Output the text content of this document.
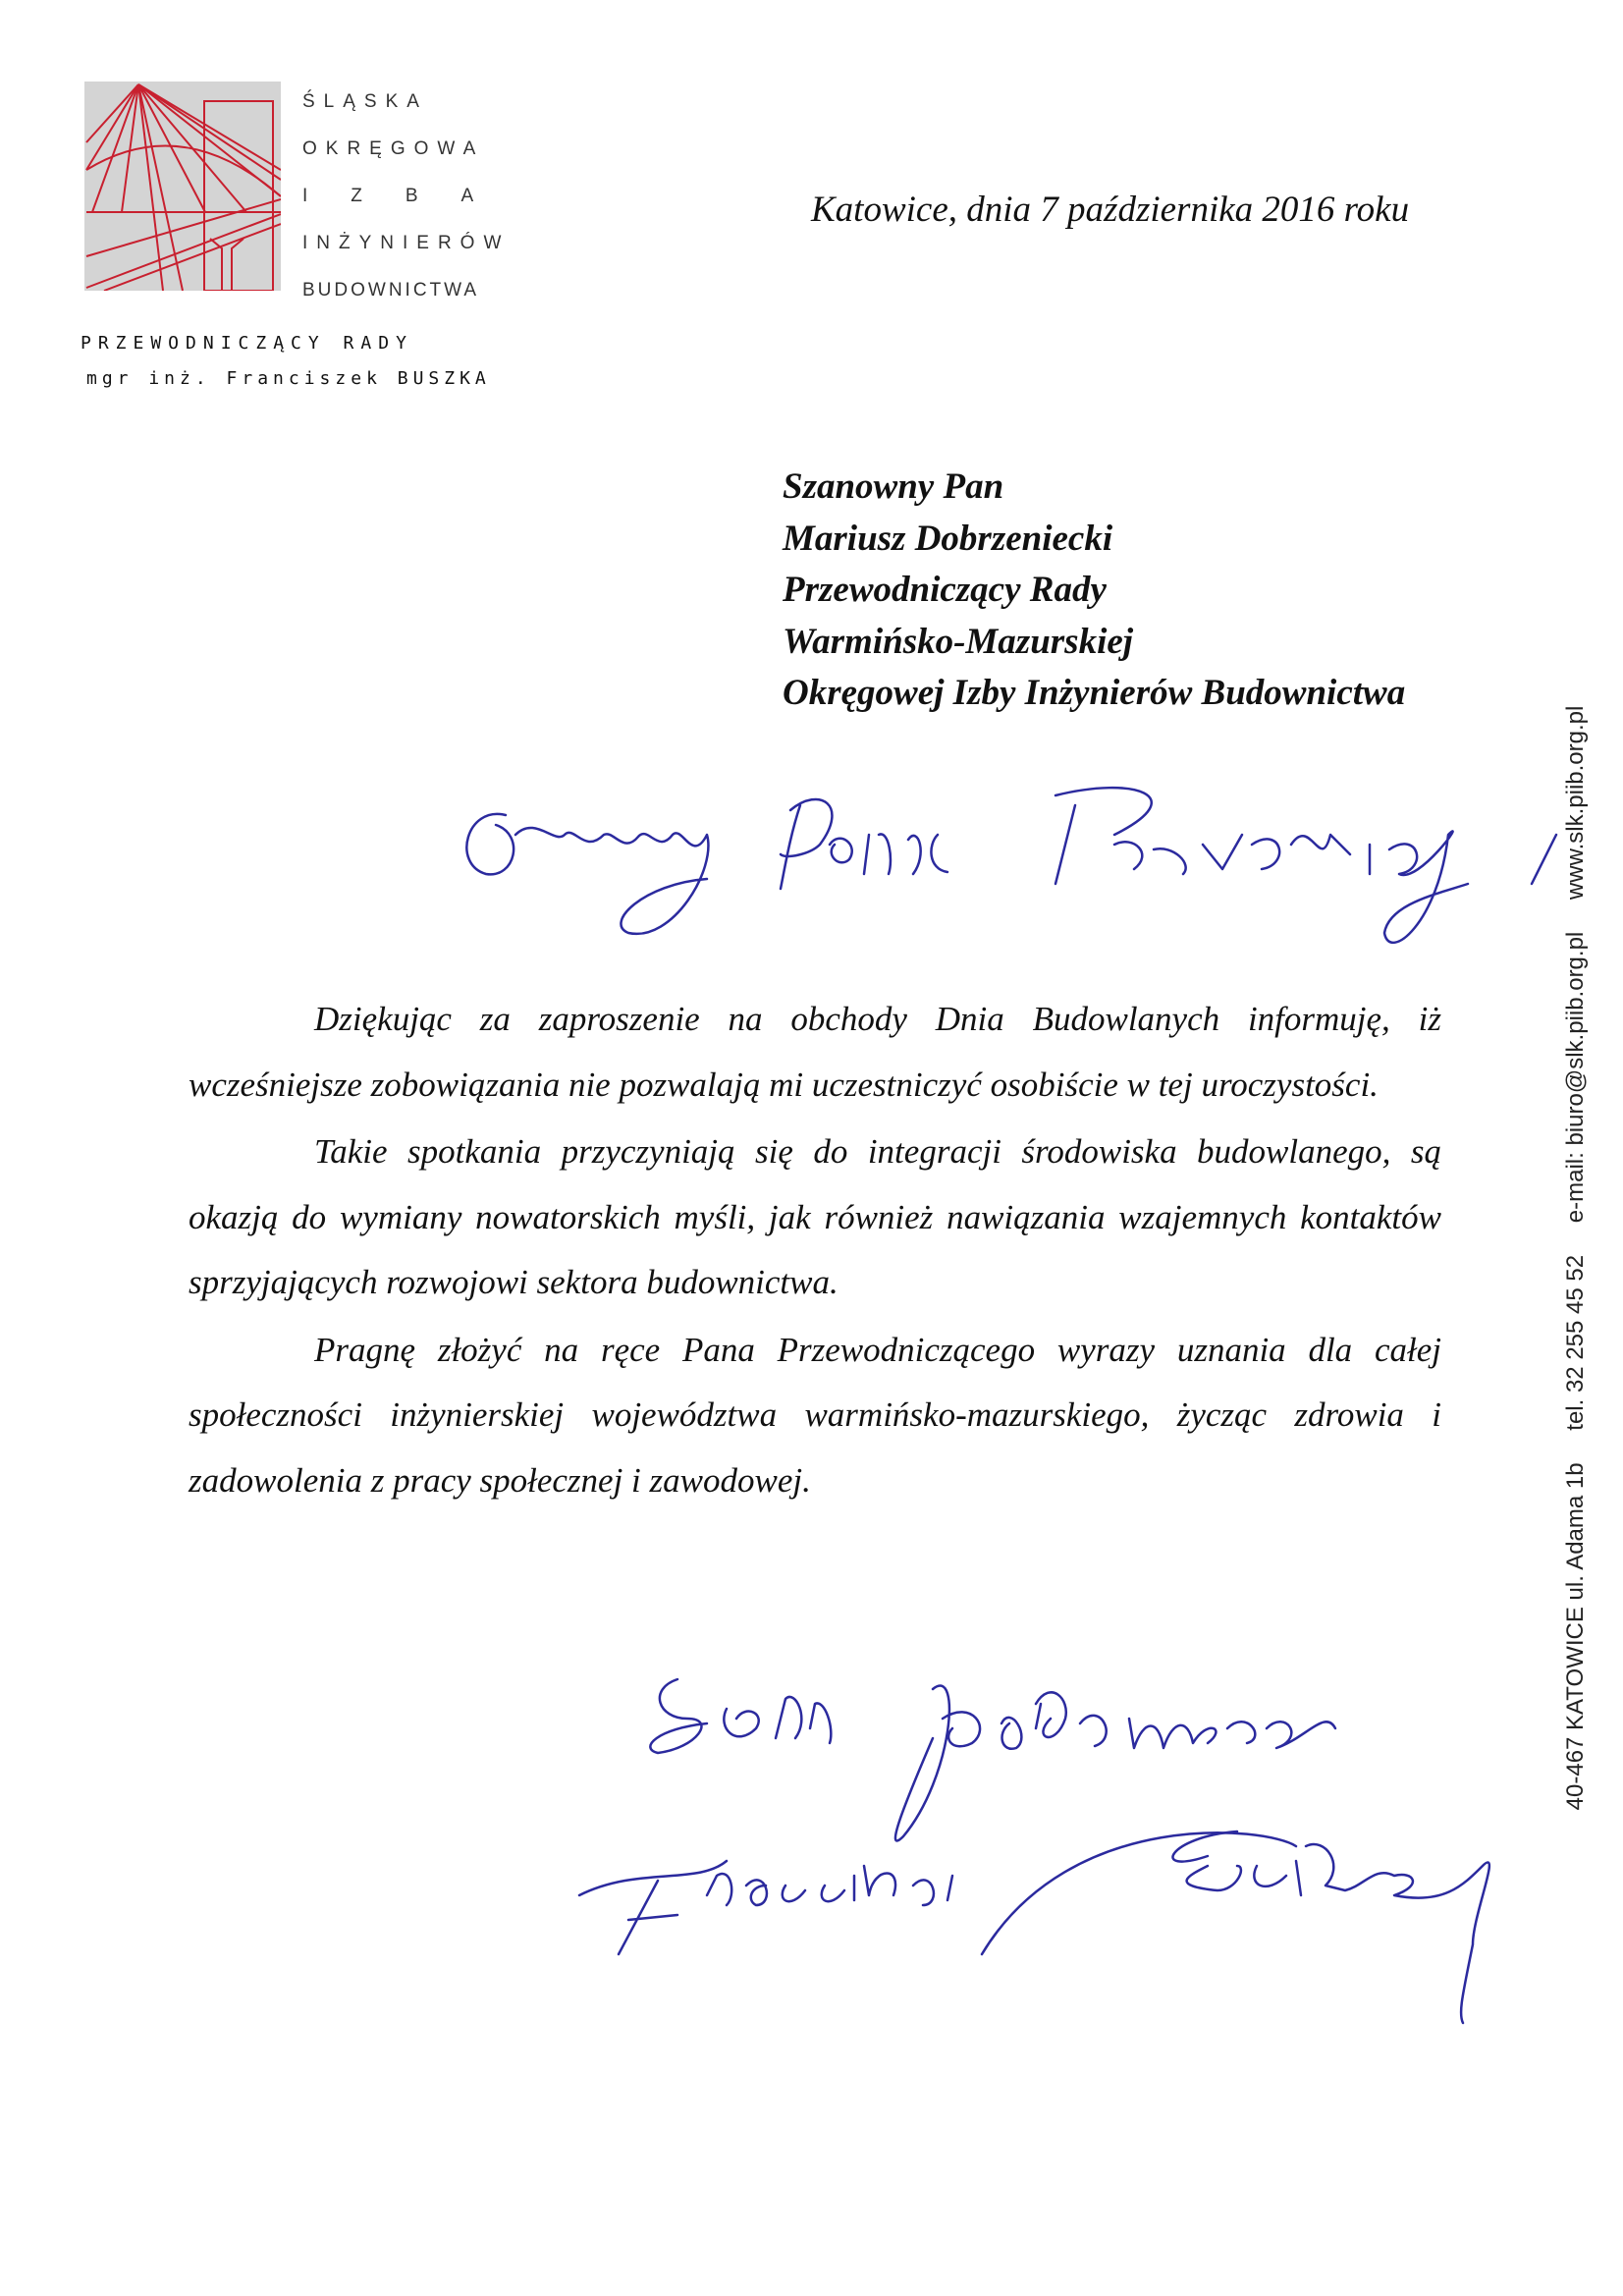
ŚLĄSKA
OKRĘGOWA
IZBA
INŻYNIERÓW
BUDOWNICTWA
PRZEWODNICZĄCY RADY
mgr inż. Franciszek BUSZKA
Katowice, dnia 7 października 2016 roku
Szanowny Pan
Mariusz Dobrzeniecki
Przewodniczący Rady
Warmińsko-Mazurskiej
Okręgowej Izby Inżynierów Budownictwa

Dziękując za zaproszenie na obchody Dnia Budowlanych informuję, iż wcześniejsze zobowiązania nie pozwalają mi uczestniczyć osobiście w tej uroczystości.

Takie spotkania przyczyniają się do integracji środowiska budowlanego, są okazją do wymiany nowatorskich myśli, jak również nawiązania wzajemnych kontaktów sprzyjających rozwojowi sektora budownictwa.

Pragnę złożyć na ręce Pana Przewodniczącego wyrazy uznania dla całej społeczności inżynierskiej województwa warmińsko-mazurskiego, życząc zdrowia i zadowolenia z pracy społecznej i zawodowej.	40-467 KATOWICE ul. Adama 1b tel. 32 255 45 52 e-mail: biuro@slk.piib.org.pl www.slk.piib.org.pl
